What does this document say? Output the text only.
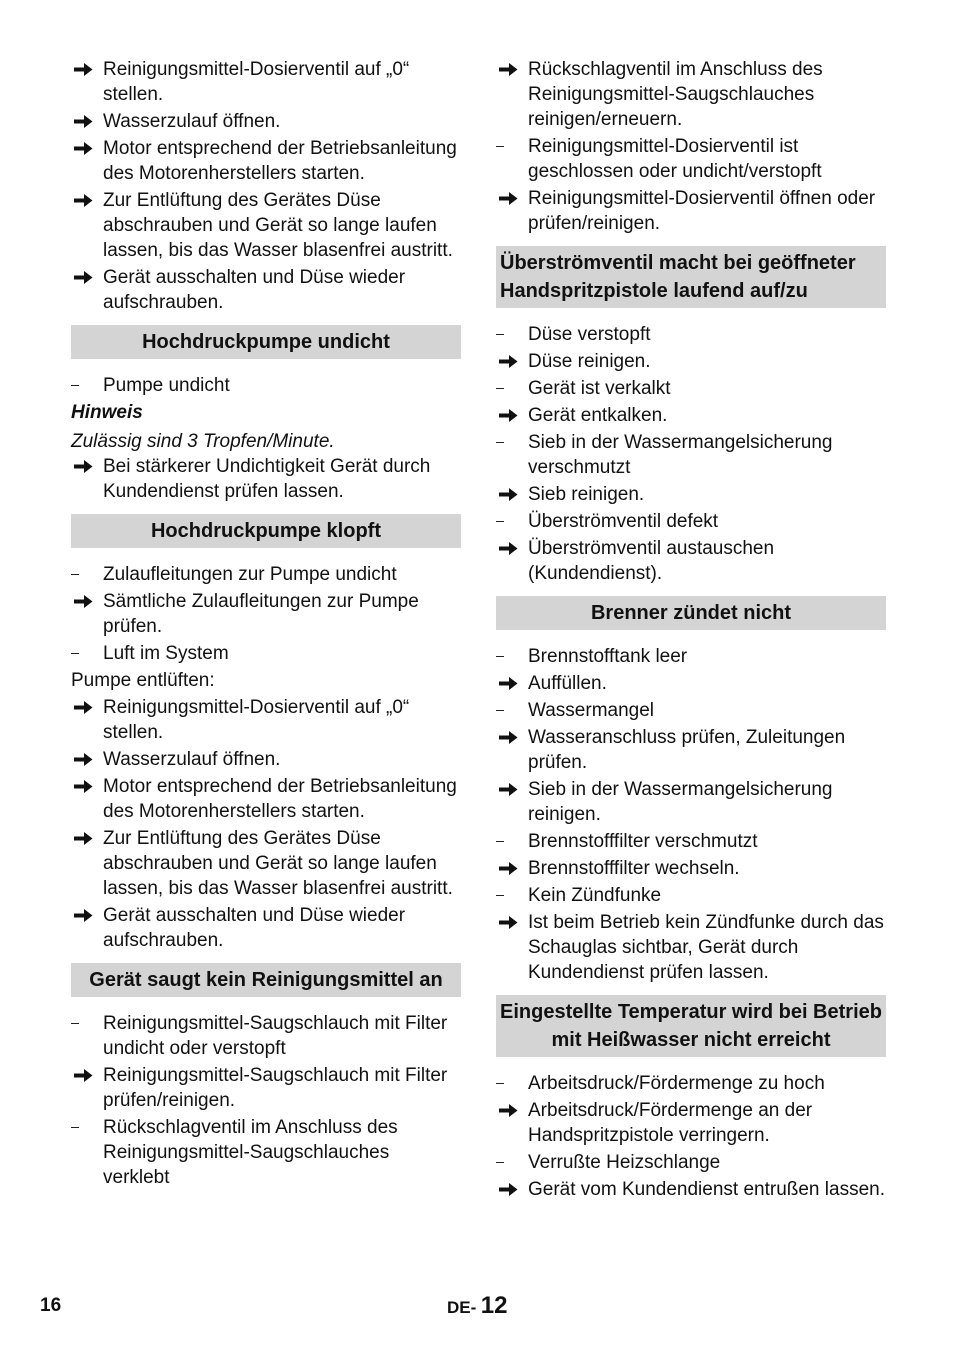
Reinigungsmittel-Dosierventil auf „0“ stellen.
Wasserzulauf öffnen.
Motor entsprechend der Betriebsanleitung des Motorenherstellers starten.
Zur Entlüftung des Gerätes Düse abschrauben und Gerät so lange laufen lassen, bis das Wasser blasenfrei austritt.
Gerät ausschalten und Düse wieder aufschrauben.
Hochdruckpumpe undicht
Pumpe undicht
Hinweis
Zulässig sind 3 Tropfen/Minute.
Bei stärkerer Undichtigkeit Gerät durch Kundendienst prüfen lassen.
Hochdruckpumpe klopft
Zulaufleitungen zur Pumpe undicht
Sämtliche Zulaufleitungen zur Pumpe prüfen.
Luft im System
Pumpe entlüften:
Reinigungsmittel-Dosierventil auf „0“ stellen.
Wasserzulauf öffnen.
Motor entsprechend der Betriebsanleitung des Motorenherstellers starten.
Zur Entlüftung des Gerätes Düse abschrauben und Gerät so lange laufen lassen, bis das Wasser blasenfrei austritt.
Gerät ausschalten und Düse wieder aufschrauben.
Gerät saugt kein Reinigungsmittel an
Reinigungsmittel-Saugschlauch mit Filter undicht oder verstopft
Reinigungsmittel-Saugschlauch mit Filter prüfen/reinigen.
Rückschlagventil im Anschluss des Reinigungsmittel-Saugschlauches verklebt
Rückschlagventil im Anschluss des Reinigungsmittel-Saugschlauches reinigen/erneuern.
Reinigungsmittel-Dosierventil ist geschlossen oder undicht/verstopft
Reinigungsmittel-Dosierventil öffnen oder prüfen/reinigen.
Überströmventil macht bei geöffneter Handspritzpistole laufend auf/zu
Düse verstopft
Düse reinigen.
Gerät ist verkalkt
Gerät entkalken.
Sieb in der Wassermangelsicherung verschmutzt
Sieb reinigen.
Überströmventil defekt
Überströmventil austauschen (Kundendienst).
Brenner zündet nicht
Brennstofftank leer
Auffüllen.
Wassermangel
Wasseranschluss prüfen, Zuleitungen prüfen.
Sieb in der Wassermangelsicherung reinigen.
Brennstofffilter verschmutzt
Brennstofffilter wechseln.
Kein Zündfunke
Ist beim Betrieb kein Zündfunke durch das Schauglas sichtbar, Gerät durch Kundendienst prüfen lassen.
Eingestellte Temperatur wird bei Betrieb mit Heißwasser nicht erreicht
Arbeitsdruck/Fördermenge zu hoch
Arbeitsdruck/Fördermenge an der Handspritzpistole verringern.
Verrußte Heizschlange
Gerät vom Kundendienst entrußen lassen.
16	DE- 12
